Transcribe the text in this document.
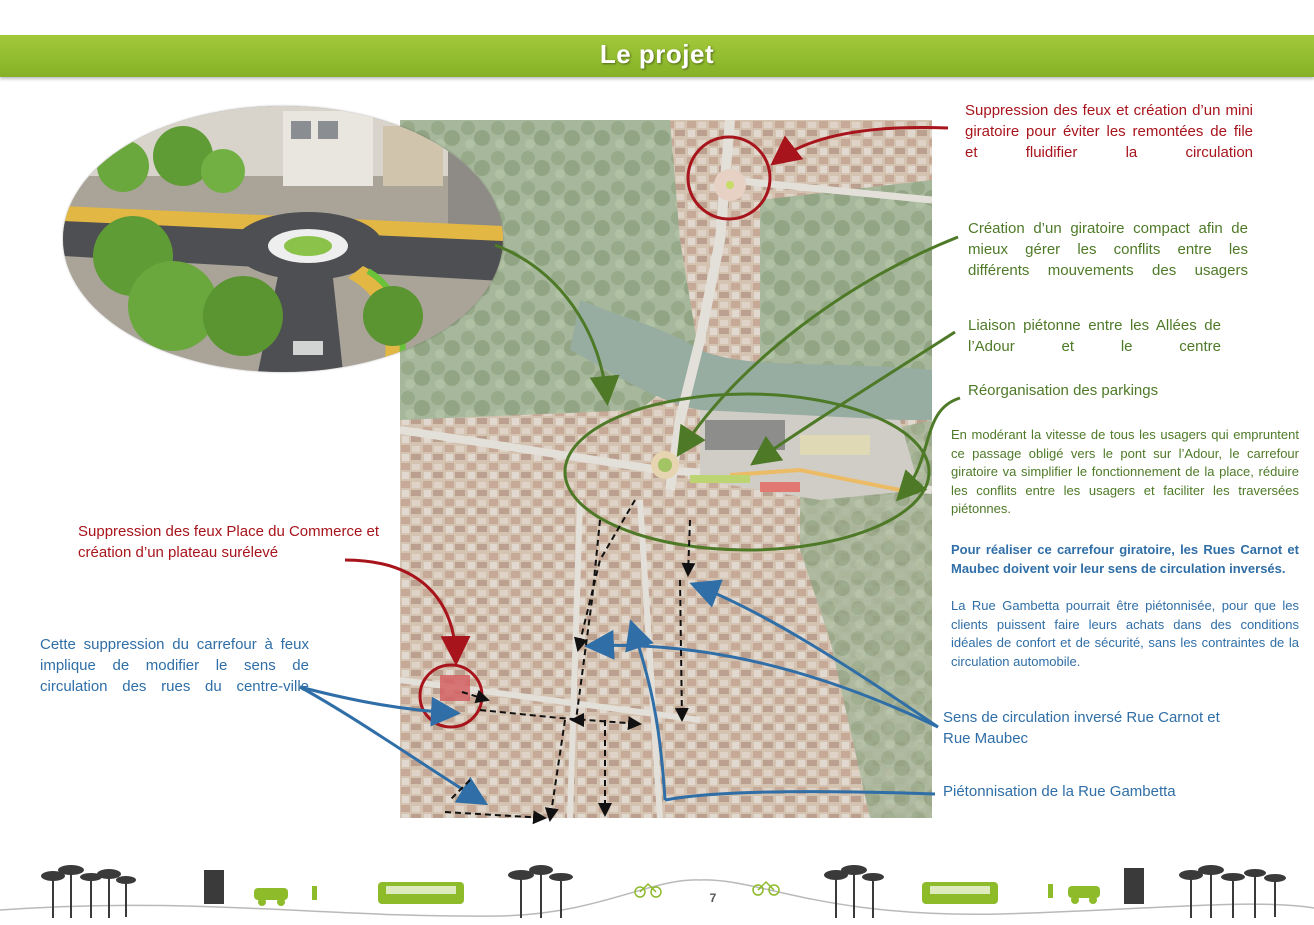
Le projet
Suppression des feux et création d’un mini giratoire pour éviter les remontées de file et fluidifier la circulation
Création d’un giratoire compact afin de mieux gérer les conflits entre les différents mouvements des usagers
Liaison piétonne entre les Allées de l’Adour et le centre
Réorganisation des parkings
Suppression des feux Place du Commerce et création d’un plateau surélevé
Cette suppression du carrefour à feux implique de modifier le sens de circulation des rues du centre-ville
Sens de circulation inversé Rue Carnot et Rue Maubec
Piétonnisation de la Rue Gambetta
En modérant la vitesse de tous les usagers qui empruntent ce passage obligé vers le pont sur l’Adour, le carrefour giratoire va simplifier le fonctionnement de la place, réduire les conflits entre les usagers et faciliter les traversées piétonnes.
Pour réaliser ce carrefour giratoire, les Rues Carnot et Maubec doivent voir leur sens de circulation inversés.
La Rue Gambetta pourrait être piétonnisée, pour que les clients puissent faire leurs achats dans des conditions idéales de confort et de sécurité, sans les contraintes de la circulation automobile.
7
